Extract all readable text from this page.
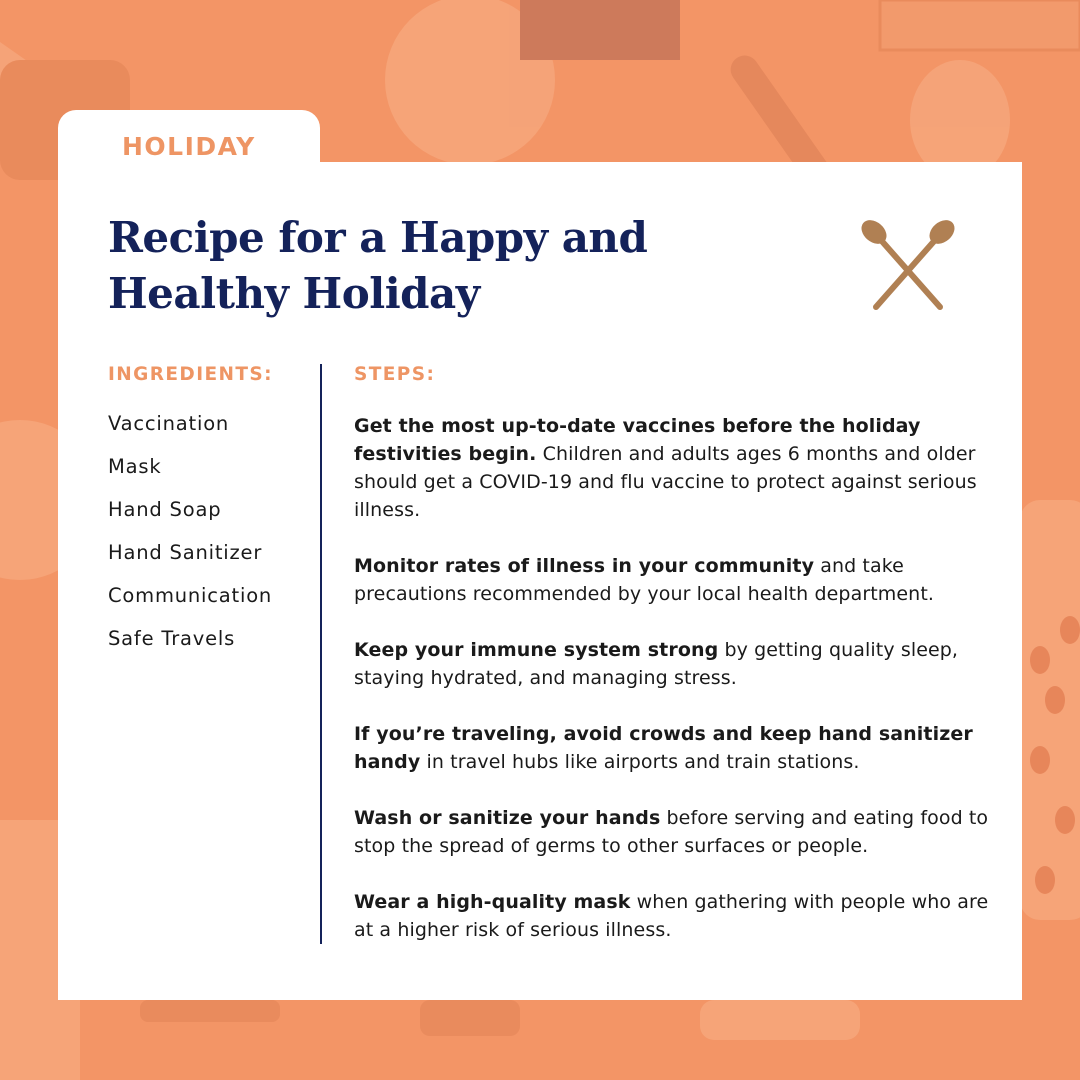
HOLIDAY

Recipe for a Happy and
Healthy Holiday

INGREDIENTS:	STEPS:

Vaccination
Mask
Hand Soap
Hand Sanitizer
Communication
Safe Travels
Get the most up-to-date vaccines before the holiday festivities begin. Children and adults ages 6 months and older should get a COVID-19 and flu vaccine to protect against serious illness.
Monitor rates of illness in your community and take precautions recommended by your local health department.
Keep your immune system strong by getting quality sleep, staying hydrated, and managing stress.
If you’re traveling, avoid crowds and keep hand sanitizer handy in travel hubs like airports and train stations.
Wash or sanitize your hands before serving and eating food to stop the spread of germs to other surfaces or people.
Wear a high-quality mask when gathering with people who are at a higher risk of serious illness.
